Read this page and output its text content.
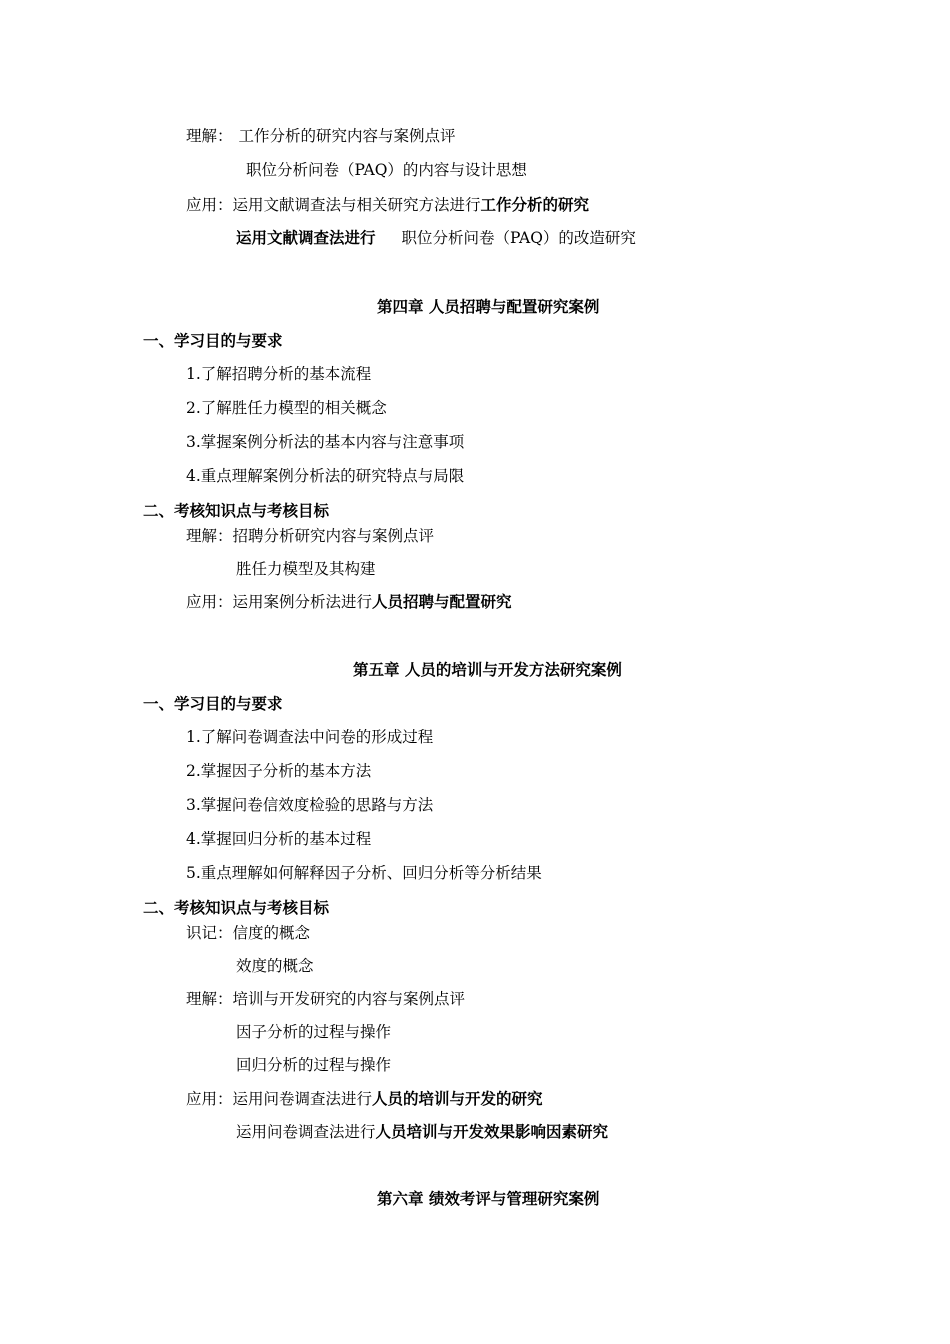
理解： 工作分析的研究内容与案例点评
职位分析问卷（PAQ）的内容与设计思想
应用：运用文献调查法与相关研究方法进行工作分析的研究
运用文献调查法进行 职位分析问卷（PAQ）的改造研究
第四章 人员招聘与配置研究案例
一、学习目的与要求
1.了解招聘分析的基本流程
2.了解胜任力模型的相关概念
3.掌握案例分析法的基本内容与注意事项
4.重点理解案例分析法的研究特点与局限
二、考核知识点与考核目标
理解：招聘分析研究内容与案例点评
胜任力模型及其构建
应用：运用案例分析法进行人员招聘与配置研究
第五章 人员的培训与开发方法研究案例
一、学习目的与要求
1.了解问卷调查法中问卷的形成过程
2.掌握因子分析的基本方法
3.掌握问卷信效度检验的思路与方法
4.掌握回归分析的基本过程
5.重点理解如何解释因子分析、回归分析等分析结果
二、考核知识点与考核目标
识记：信度的概念
效度的概念
理解：培训与开发研究的内容与案例点评
因子分析的过程与操作
回归分析的过程与操作
应用：运用问卷调查法进行人员的培训与开发的研究
运用问卷调查法进行人员培训与开发效果影响因素研究
第六章 绩效考评与管理研究案例
